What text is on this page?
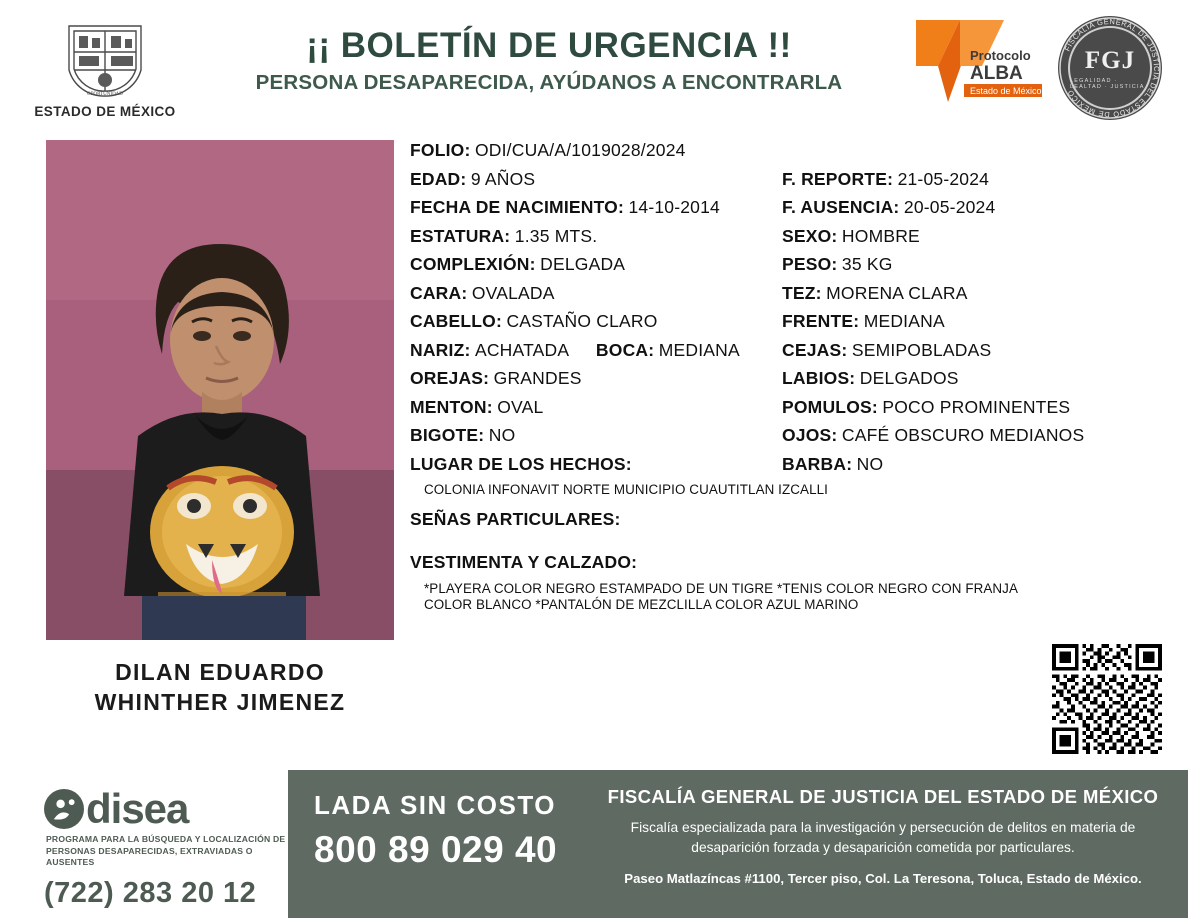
OPORTUNIDAD
ESTADO DE MÉXICO
¡¡ BOLETÍN DE URGENCIA !!
PERSONA DESAPARECIDA, AYÚDANOS A ENCONTRARLA
Protocolo
ALBA
Estado de México
FISCALÍA GENERAL DE JUSTICIA DEL ESTADO DE MÉXICO
FGJ
LEGALIDAD · LEALTAD · JUSTICIA
DILAN EDUARDO WHINTHER JIMENEZ
FOLIO: ODI/CUA/A/1019028/2024
EDAD: 9 AÑOS	F. REPORTE: 21-05-2024
FECHA DE NACIMIENTO: 14-10-2014	F. AUSENCIA: 20-05-2024
ESTATURA: 1.35 MTS.	SEXO: HOMBRE
COMPLEXIÓN: DELGADA	PESO: 35 KG
CARA: OVALADA	TEZ: MORENA CLARA
CABELLO: CASTAÑO CLARO	FRENTE: MEDIANA
NARIZ: ACHATADA BOCA: MEDIANA	CEJAS: SEMIPOBLADAS
OREJAS: GRANDES	LABIOS: DELGADOS
MENTON: OVAL	POMULOS: POCO PROMINENTES
BIGOTE: NO	OJOS: CAFÉ OBSCURO MEDIANOS
LUGAR DE LOS HECHOS:	BARBA: NO
COLONIA INFONAVIT NORTE MUNICIPIO CUAUTITLAN IZCALLI
SEÑAS PARTICULARES:
VESTIMENTA Y CALZADO:
*PLAYERA COLOR NEGRO ESTAMPADO DE UN TIGRE *TENIS COLOR NEGRO CON FRANJA
COLOR BLANCO *PANTALÓN DE MEZCLILLA COLOR AZUL MARINO
disea
PROGRAMA PARA LA BÚSQUEDA Y LOCALIZACIÓN DE PERSONAS DESAPARECIDAS, EXTRAVIADAS O AUSENTES
(722) 283 20 12
LADA SIN COSTO
800 89 029 40
FISCALÍA GENERAL DE JUSTICIA DEL ESTADO DE MÉXICO
Fiscalía especializada para la investigación y persecución de delitos en materia de desaparición forzada y desaparición cometida por particulares.
Paseo Matlazíncas #1100, Tercer piso, Col. La Teresona, Toluca, Estado de México.
